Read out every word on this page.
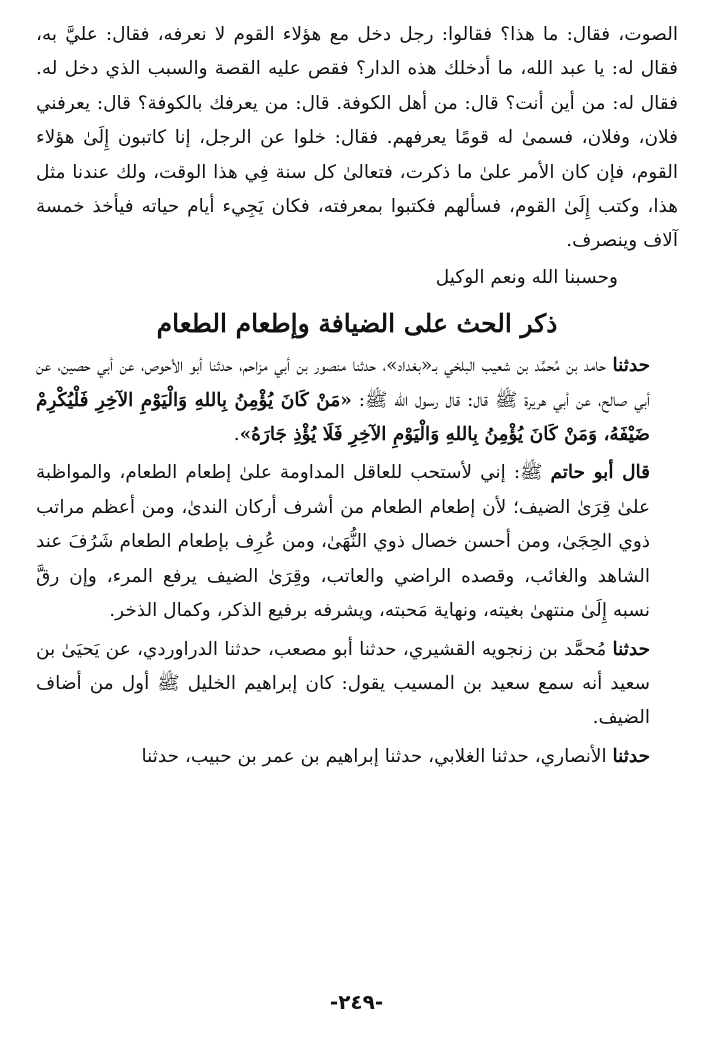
الصوت، فقال: ما هذا؟ فقالوا: رجل دخل مع هؤلاء القوم لا نعرفه، فقال: عليَّ به، فقال له: يا عبد الله، ما أدخلك هذه الدار؟ فقص عليه القصة والسبب الذي دخل له. فقال له: من أين أنت؟ قال: من أهل الكوفة. قال: من يعرفك بالكوفة؟ قال: يعرفني فلان، وفلان، فسمىٰ له قومًا يعرفهم. فقال: خلوا عن الرجل، إنا كاتبون إِلَىٰ هؤلاء القوم، فإن كان الأمر علىٰ ما ذكرت، فتعالىٰ كل سنة فِي هذا الوقت، ولك عندنا مثل هذا، وكتب إِلَىٰ القوم، فسألهم فكتبوا بمعرفته، فكان يَجِيء أيام حياته فيأخذ خمسة آلاف وينصرف.

وحسبنا الله ونعم الوكيل

ذكر الحث على الضيافة وإطعام الطعام

حدثنا حامد بن مُحمَّد بن شعيب البلخي بـ«بغداد»، حدثنا منصور بن أبي مزاحم، حدثنا أبو الأحوص، عن أبي حصين، عن أبي صالح، عن أبي هريرة ﷺ قال: قال رسول الله ﷺ: «مَنْ كَانَ يُؤْمِنُ بِاللهِ وَالْيَوْمِ الآخِرِ فَلْيُكْرِمْ ضَيْفَهُ، وَمَنْ كَانَ يُؤْمِنُ بِاللهِ وَالْيَوْمِ الآخِرِ فَلَا يُؤْذِ جَارَهُ».

قال أبو حاتم ﷺ: إني لأستحب للعاقل المداومة علىٰ إطعام الطعام، والمواظبة علىٰ قِرَىٰ الضيف؛ لأن إطعام الطعام من أشرف أركان الندىٰ، ومن أعظم مراتب ذوي الحِجَىٰ، ومن أحسن خصال ذوي النُّهَىٰ، ومن عُرِف بإطعام الطعام شَرُفَ عند الشاهد والغائب، وقصده الراضي والعاتب، وقِرَىٰ الضيف يرفع المرء، وإن رقَّ نسبه إِلَىٰ منتهىٰ بغيته، ونهاية مَحبته، ويشرفه برفيع الذكر، وكمال الذخر.

حدثنا مُحمَّد بن زنجويه القشيري، حدثنا أبو مصعب، حدثنا الدراوردي، عن يَحيَىٰ بن سعيد أنه سمع سعيد بن المسيب يقول: كان إبراهيم الخليل ﷺ أول من أضاف الضيف.

حدثنا الأنصاري، حدثنا الغلابي، حدثنا إبراهيم بن عمر بن حبيب، حدثنا

-٢٤٩-
